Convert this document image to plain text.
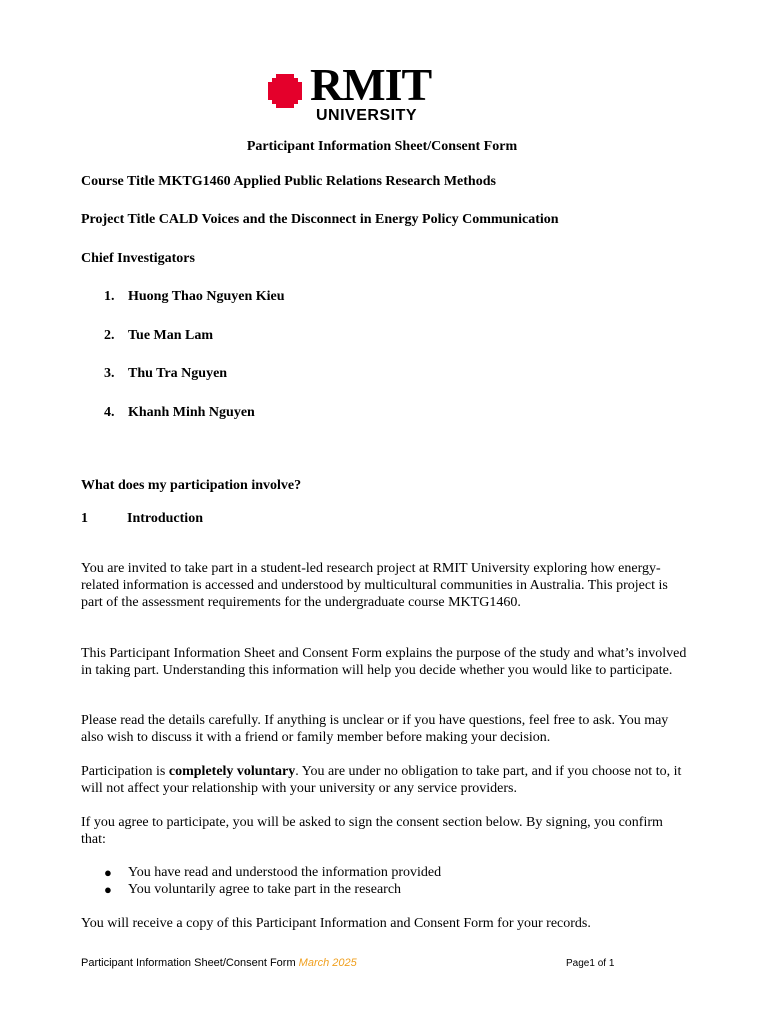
RMIT
UNIVERSITY
Participant Information Sheet/Consent Form
Course Title MKTG1460 Applied Public Relations Research Methods
Project Title CALD Voices and the Disconnect in Energy Policy Communication
Chief Investigators
1. Huong Thao Nguyen Kieu
2. Tue Man Lam
3. Thu Tra Nguyen
4. Khanh Minh Nguyen
What does my participation involve?
1	Introduction
You are invited to take part in a student-led research project at RMIT University exploring how energy-related information is accessed and understood by multicultural communities in Australia. This project is part of the assessment requirements for the undergraduate course MKTG1460.
This Participant Information Sheet and Consent Form explains the purpose of the study and what’s involved in taking part. Understanding this information will help you decide whether you would like to participate.
Please read the details carefully. If anything is unclear or if you have questions, feel free to ask. You may also wish to discuss it with a friend or family member before making your decision.
Participation is completely voluntary. You are under no obligation to take part, and if you choose not to, it will not affect your relationship with your university or any service providers.
If you agree to participate, you will be asked to sign the consent section below. By signing, you confirm that:
● You have read and understood the information provided
● You voluntarily agree to take part in the research
You will receive a copy of this Participant Information and Consent Form for your records.
Participant Information Sheet/Consent Form March 2025	Page1 of 1
